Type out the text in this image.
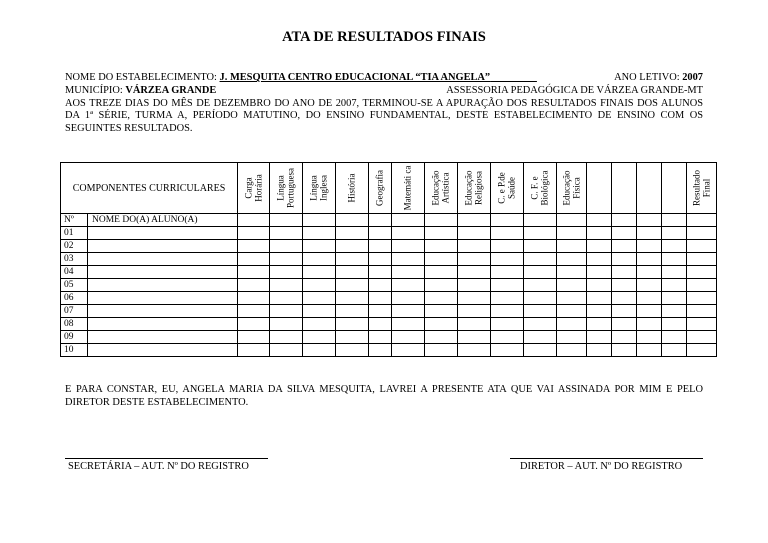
ATA DE RESULTADOS FINAIS
NOME DO ESTABELECIMENTO: J. MESQUITA CENTRO EDUCACIONAL “TIA ANGELA”	ANO LETIVO: 2007
MUNICÍPIO: VÁRZEA GRANDE	ASSESSORIA PEDAGÓGICA DE VÁRZEA GRANDE-MT
AOS TREZE DIAS DO MÊS DE DEZEMBRO DO ANO DE 2007, TERMINOU-SE A APURAÇÃO DOS RESULTADOS FINAIS DOS ALUNOS DA 1ª SÉRIE, TURMA A, PERÍODO MATUTINO, DO ENSINO FUNDAMENTAL, DESTE ESTABELECIMENTO DE ENSINO COM OS SEGUINTES RESULTADOS.
COMPONENTES CURRICULARES		Carga Horária	Língua Portuguesa	Língua Inglesa	História	Geografia	Matemáti ca	Educação Artística	Educação Religiosa	C. e P.de Saúde	C. F. e Biológica	Educação Física					Resultado Final

Nº	NOME DO(A) ALUNO(A)																
01																	
02																	
03																	
04																	
05																	
06																	
07																	
08																	
09																	
10																	
E PARA CONSTAR, EU, ANGELA MARIA DA SILVA MESQUITA, LAVREI A PRESENTE ATA QUE VAI ASSINADA POR MIM E PELO DIRETOR DESTE ESTABELECIMENTO.
SECRETÁRIA – AUT. Nº DO REGISTRO	DIRETOR – AUT. Nº DO REGISTRO
